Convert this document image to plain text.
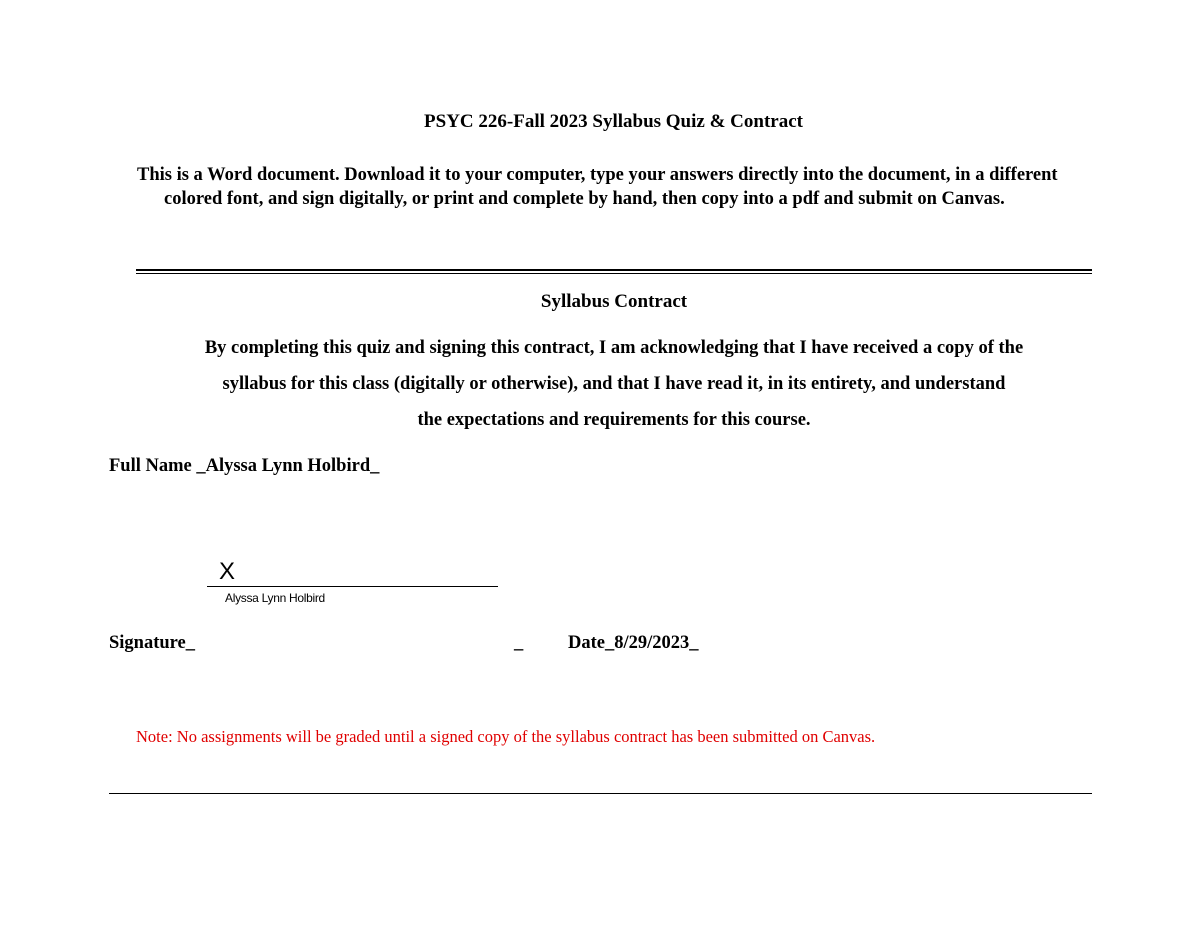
PSYC 226-Fall 2023 Syllabus Quiz & Contract
This is a Word document. Download it to your computer, type your answers directly into the document, in a different colored font, and sign digitally, or print and complete by hand, then copy into a pdf and submit on Canvas.
Syllabus Contract
By completing this quiz and signing this contract, I am acknowledging that I have received a copy of the
syllabus for this class (digitally or otherwise), and that I have read it, in its entirety, and understand
the expectations and requirements for this course.
Full Name _Alyssa Lynn Holbird_
X
Alyssa Lynn Holbird
Signature_	_ Date_8/29/2023_
Note: No assignments will be graded until a signed copy of the syllabus contract has been submitted on Canvas.
